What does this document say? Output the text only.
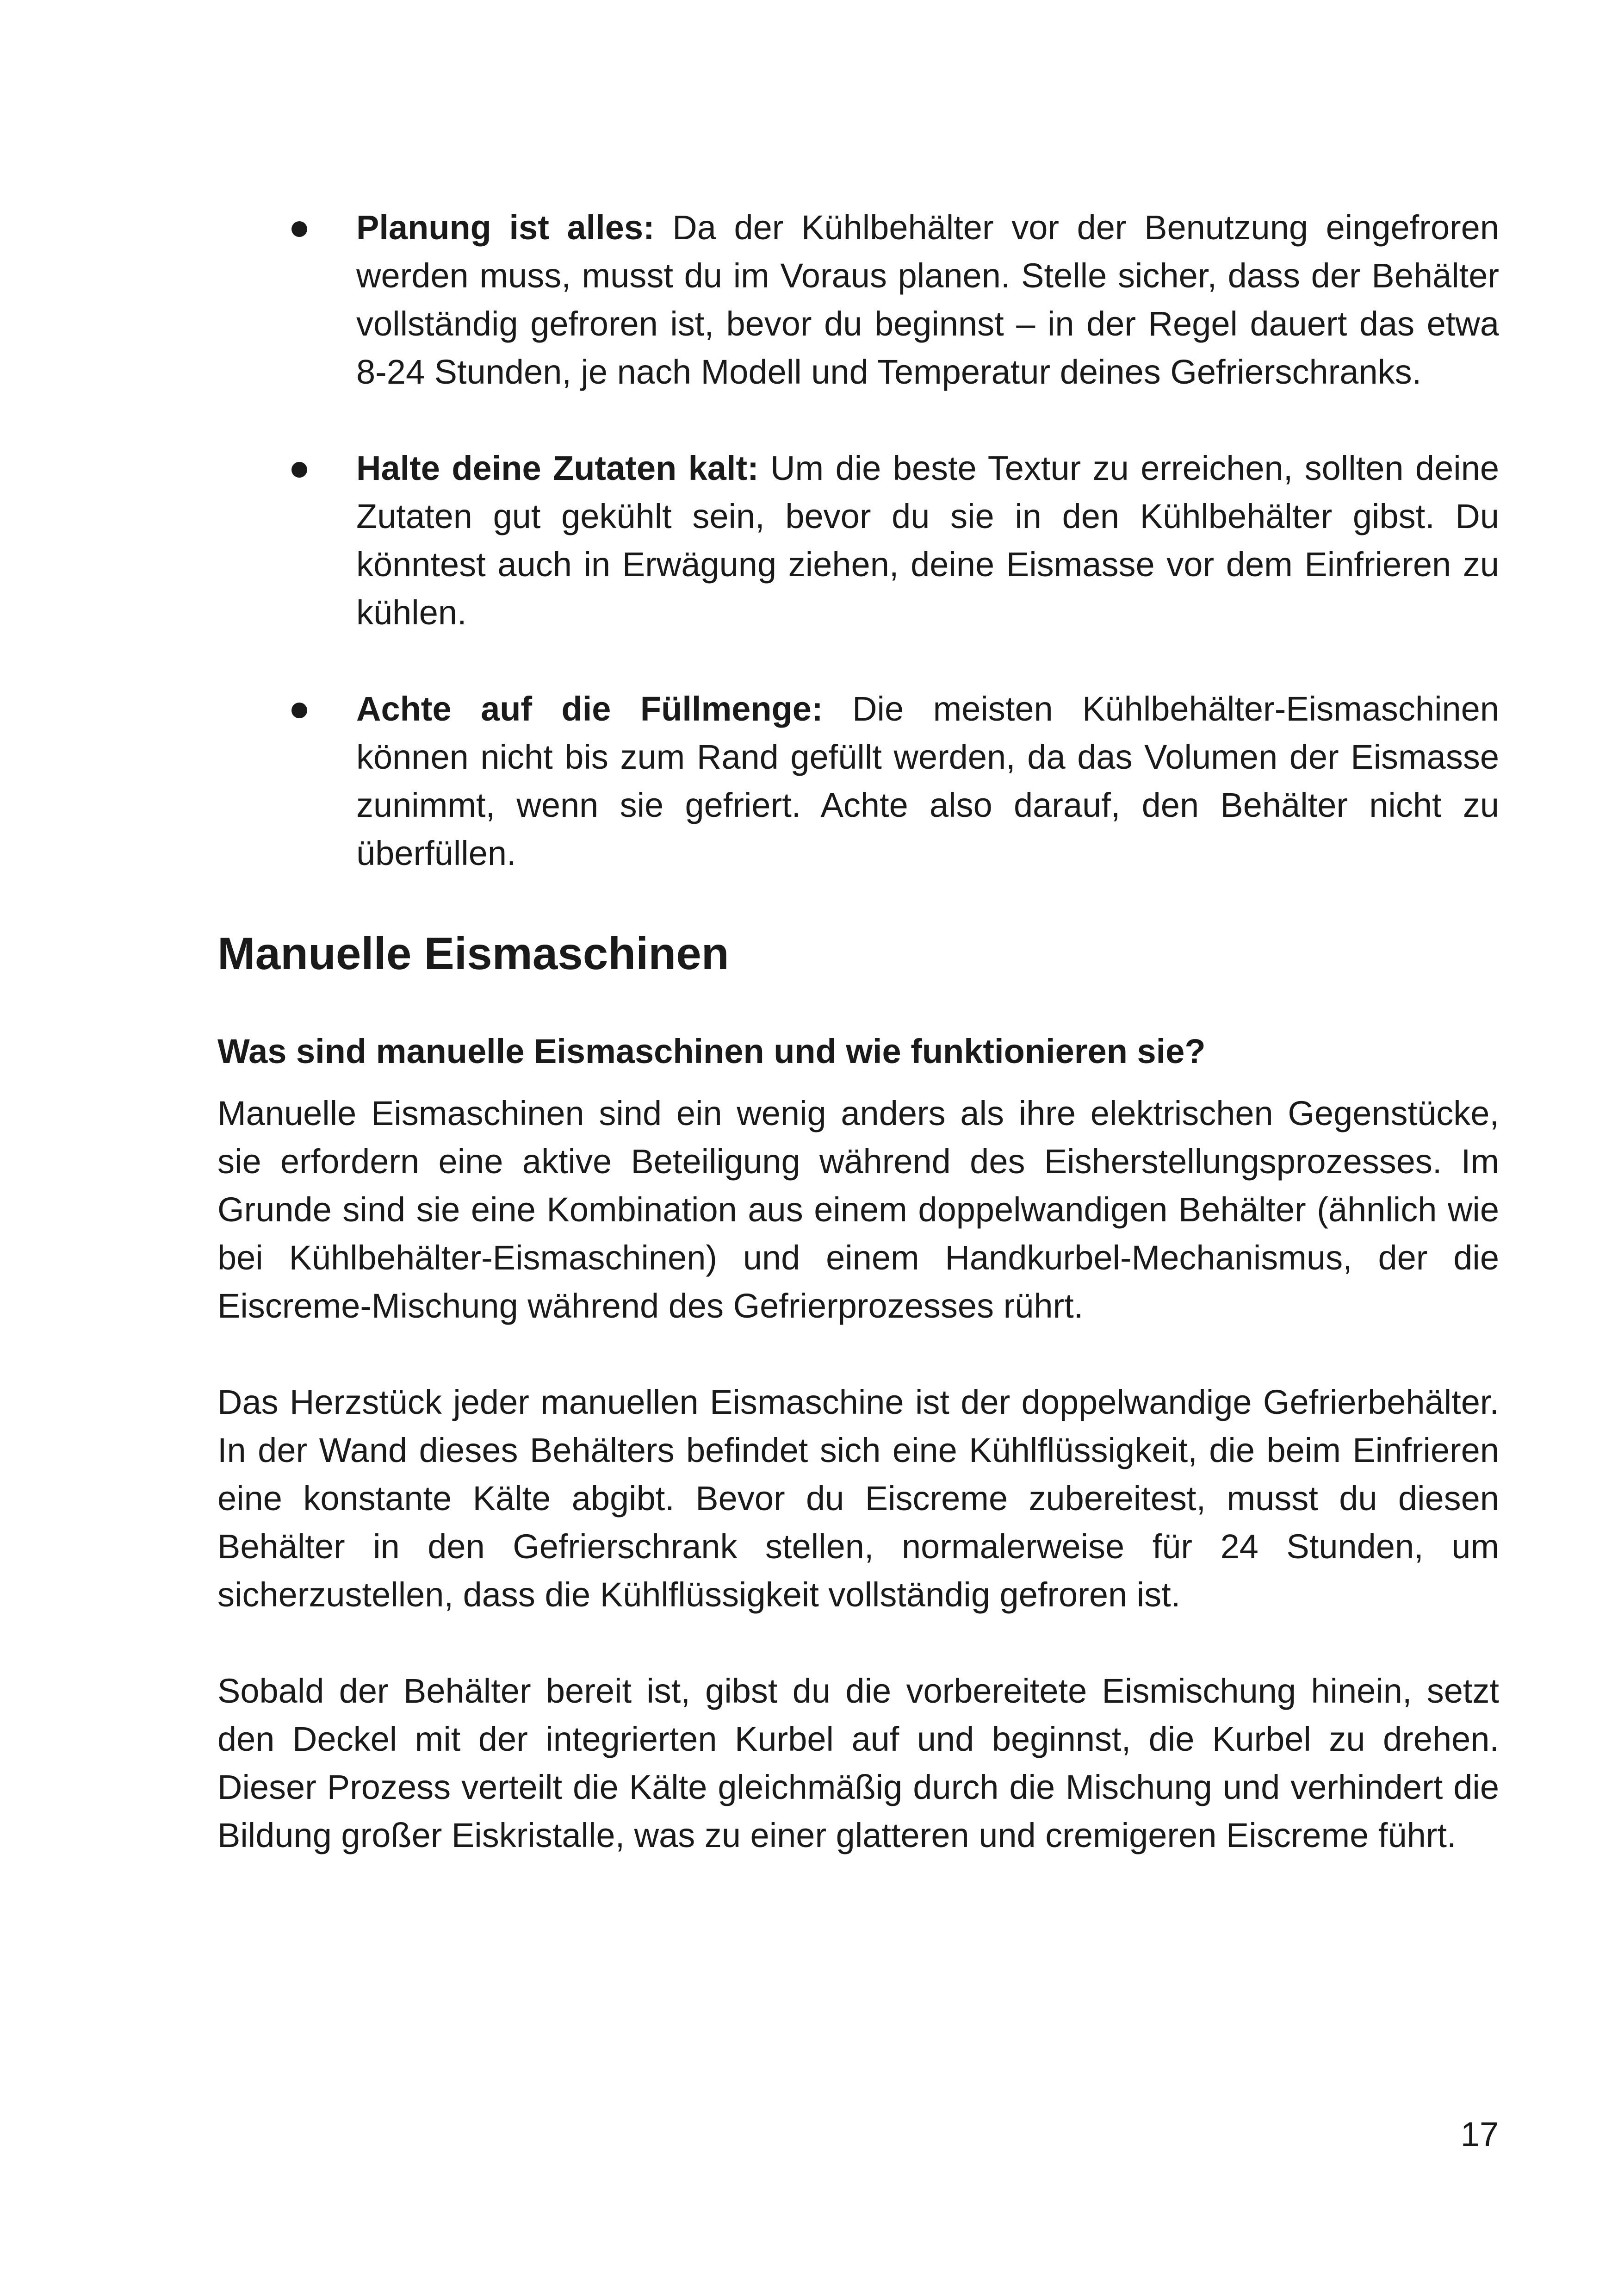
Planung ist alles: Da der Kühlbehälter vor der Benutzung eingefroren werden muss, musst du im Voraus planen. Stelle sicher, dass der Behälter vollständig gefroren ist, bevor du beginnst – in der Regel dauert das etwa 8-24 Stunden, je nach Modell und Temperatur deines Gefrierschranks.
Halte deine Zutaten kalt: Um die beste Textur zu erreichen, sollten deine Zutaten gut gekühlt sein, bevor du sie in den Kühlbehälter gibst. Du könntest auch in Erwägung ziehen, deine Eismasse vor dem Einfrieren zu kühlen.
Achte auf die Füllmenge: Die meisten Kühlbehälter-Eismaschinen können nicht bis zum Rand gefüllt werden, da das Volumen der Eismasse zunimmt, wenn sie gefriert. Achte also darauf, den Behälter nicht zu überfüllen.
Manuelle Eismaschinen
Was sind manuelle Eismaschinen und wie funktionieren sie?

Manuelle Eismaschinen sind ein wenig anders als ihre elektrischen Gegenstücke, sie erfordern eine aktive Beteiligung während des Eisherstellungsprozesses. Im Grunde sind sie eine Kombination aus einem doppelwandigen Behälter (ähnlich wie bei Kühlbehälter-Eismaschinen) und einem Handkurbel-Mechanismus, der die Eiscreme-Mischung während des Gefrierprozesses rührt.

Das Herzstück jeder manuellen Eismaschine ist der doppelwandige Gefrierbehälter. In der Wand dieses Behälters befindet sich eine Kühlflüssigkeit, die beim Einfrieren eine konstante Kälte abgibt. Bevor du Eiscreme zubereitest, musst du diesen Behälter in den Gefrierschrank stellen, normalerweise für 24 Stunden, um sicherzustellen, dass die Kühlflüssigkeit vollständig gefroren ist.

Sobald der Behälter bereit ist, gibst du die vorbereitete Eismischung hinein, setzt den Deckel mit der integrierten Kurbel auf und beginnst, die Kurbel zu drehen. Dieser Prozess verteilt die Kälte gleichmäßig durch die Mischung und verhindert die Bildung großer Eiskristalle, was zu einer glatteren und cremigeren Eiscreme führt.

17
